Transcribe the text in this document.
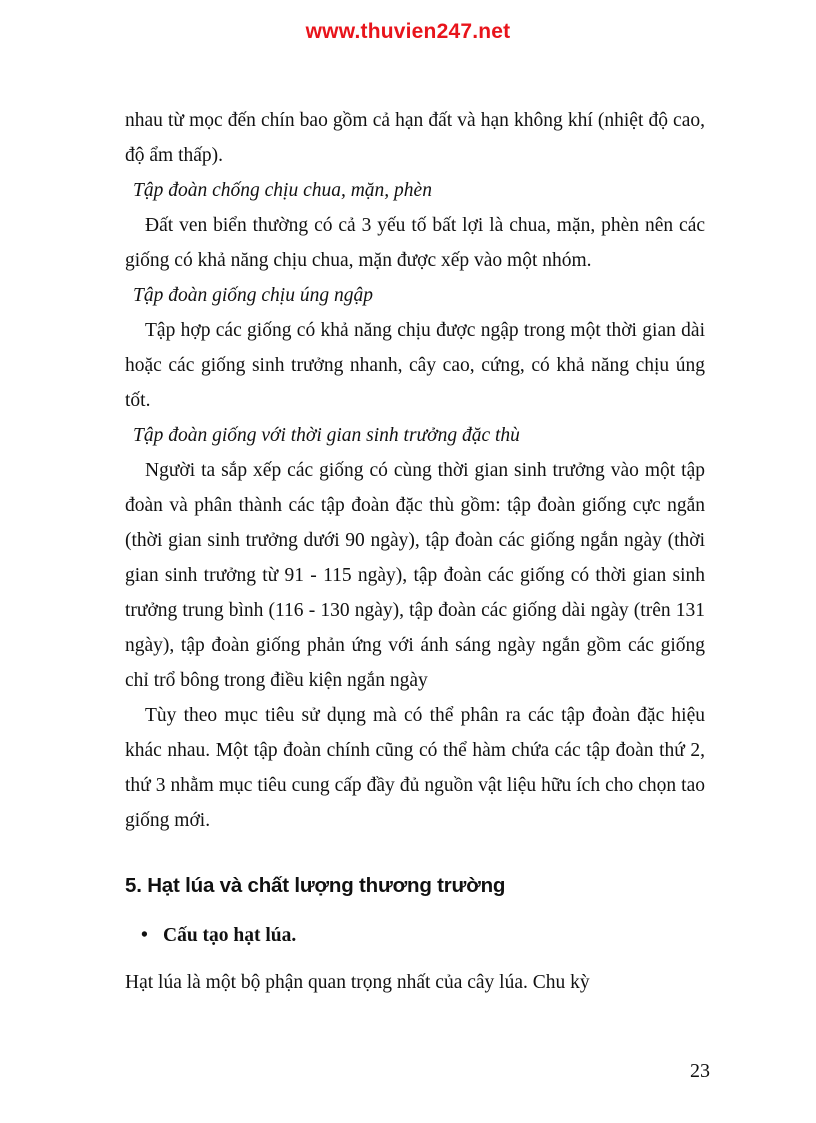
www.thuvien247.net

nhau từ mọc đến chín bao gồm cả hạn đất và hạn không khí (nhiệt độ cao, độ ẩm thấp).

Tập đoàn chống chịu chua, mặn, phèn

Đất ven biển thường có cả 3 yếu tố bất lợi là chua, mặn, phèn nên các giống có khả năng chịu chua, mặn được xếp vào một nhóm.

Tập đoàn giống chịu úng ngập

Tập hợp các giống có khả năng chịu được ngập trong một thời gian dài hoặc các giống sinh trưởng nhanh, cây cao, cứng, có khả năng chịu úng tốt.

Tập đoàn giống với thời gian sinh trưởng đặc thù

Người ta sắp xếp các giống có cùng thời gian sinh trưởng vào một tập đoàn và phân thành các tập đoàn đặc thù gồm: tập đoàn giống cực ngắn (thời gian sinh trưởng dưới 90 ngày), tập đoàn các giống ngắn ngày (thời gian sinh trưởng từ 91 - 115 ngày), tập đoàn các giống có thời gian sinh trưởng trung bình (116 - 130 ngày), tập đoàn các giống dài ngày (trên 131 ngày), tập đoàn giống phản ứng với ánh sáng ngày ngắn gồm các giống chỉ trổ bông trong điều kiện ngắn ngày

Tùy theo mục tiêu sử dụng mà có thể phân ra các tập đoàn đặc hiệu khác nhau. Một tập đoàn chính cũng có thể hàm chứa các tập đoàn thứ 2, thứ 3 nhằm mục tiêu cung cấp đầy đủ nguồn vật liệu hữu ích cho chọn tao giống mới.

5. Hạt lúa và chất lượng thương trường
• Cấu tạo hạt lúa.

Hạt lúa là một bộ phận quan trọng nhất của cây lúa. Chu kỳ

23
